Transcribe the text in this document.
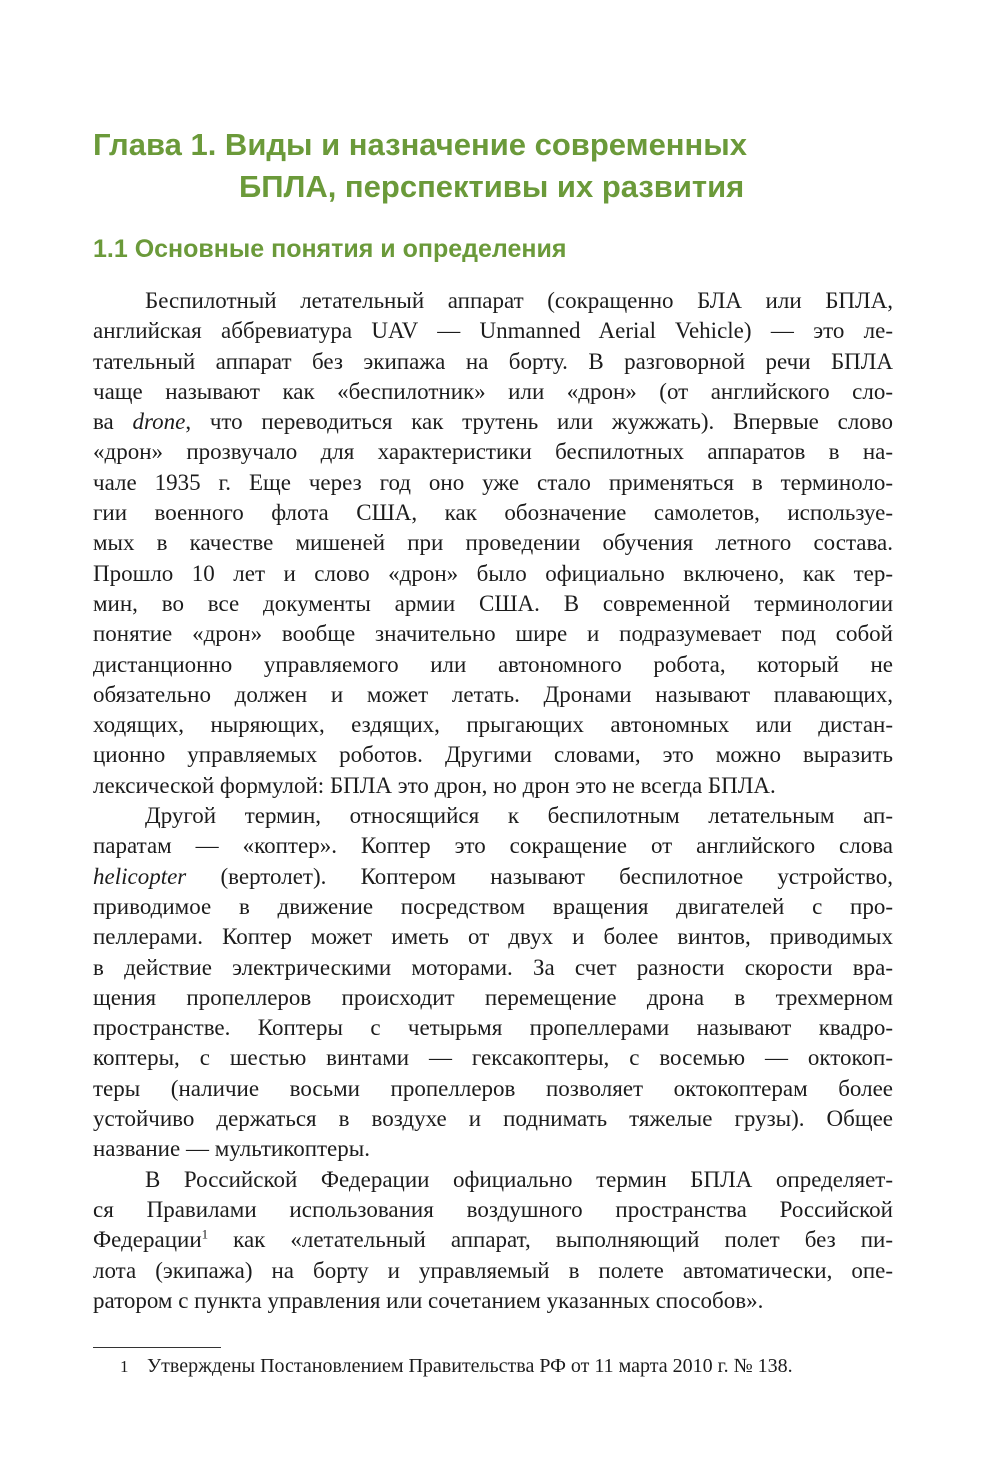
Глава 1. Виды и назначение современных
БПЛА, перспективы их развития
1.1 Основные понятия и определения

Беспилотный летательный аппарат (сокращенно БЛА или БПЛА,
английская аббревиатура UAV — Unmanned Aerial Vehicle) — это ле-
тательный аппарат без экипажа на борту. В разговорной речи БПЛА
чаще называют как «беспилотник» или «дрон» (от английского сло-
ва drone, что переводиться как трутень или жужжать). Впервые слово
«дрон» прозвучало для характеристики беспилотных аппаратов в на-
чале 1935 г. Еще через год оно уже стало применяться в терминоло-
гии военного флота США, как обозначение самолетов, используе-
мых в качестве мишеней при проведении обучения летного состава.
Прошло 10 лет и слово «дрон» было официально включено, как тер-
мин, во все документы армии США. В современной терминологии
понятие «дрон» вообще значительно шире и подразумевает под собой
дистанционно управляемого или автономного робота, который не
обязательно должен и может летать. Дронами называют плавающих,
ходящих, ныряющих, ездящих, прыгающих автономных или дистан-
ционно управляемых роботов. Другими словами, это можно выразить
лексической формулой: БПЛА это дрон, но дрон это не всегда БПЛА.

Другой термин, относящийся к беспилотным летательным ап-
паратам — «коптер». Коптер это сокращение от английского слова
helicopter (вертолет). Коптером называют беспилотное устройство,
приводимое в движение посредством вращения двигателей с про-
пеллерами. Коптер может иметь от двух и более винтов, приводимых
в действие электрическими моторами. За счет разности скорости вра-
щения пропеллеров происходит перемещение дрона в трехмерном
пространстве. Коптеры с четырьмя пропеллерами называют квадро-
коптеры, с шестью винтами — гексакоптеры, с восемью — октокоп-
теры (наличие восьми пропеллеров позволяет октокоптерам более
устойчиво держаться в воздухе и поднимать тяжелые грузы). Общее
название — мультикоптеры.

В Российской Федерации официально термин БПЛА определяет-
ся Правилами использования воздушного пространства Российской
Федерации$^1$ как «летательный аппарат, выполняющий полет без пи-
лота (экипажа) на борту и управляемый в полете автоматически, опе-
ратором с пункта управления или сочетанием указанных способов».

1 Утверждены Постановлением Правительства РФ от 11 марта 2010 г. № 138.
